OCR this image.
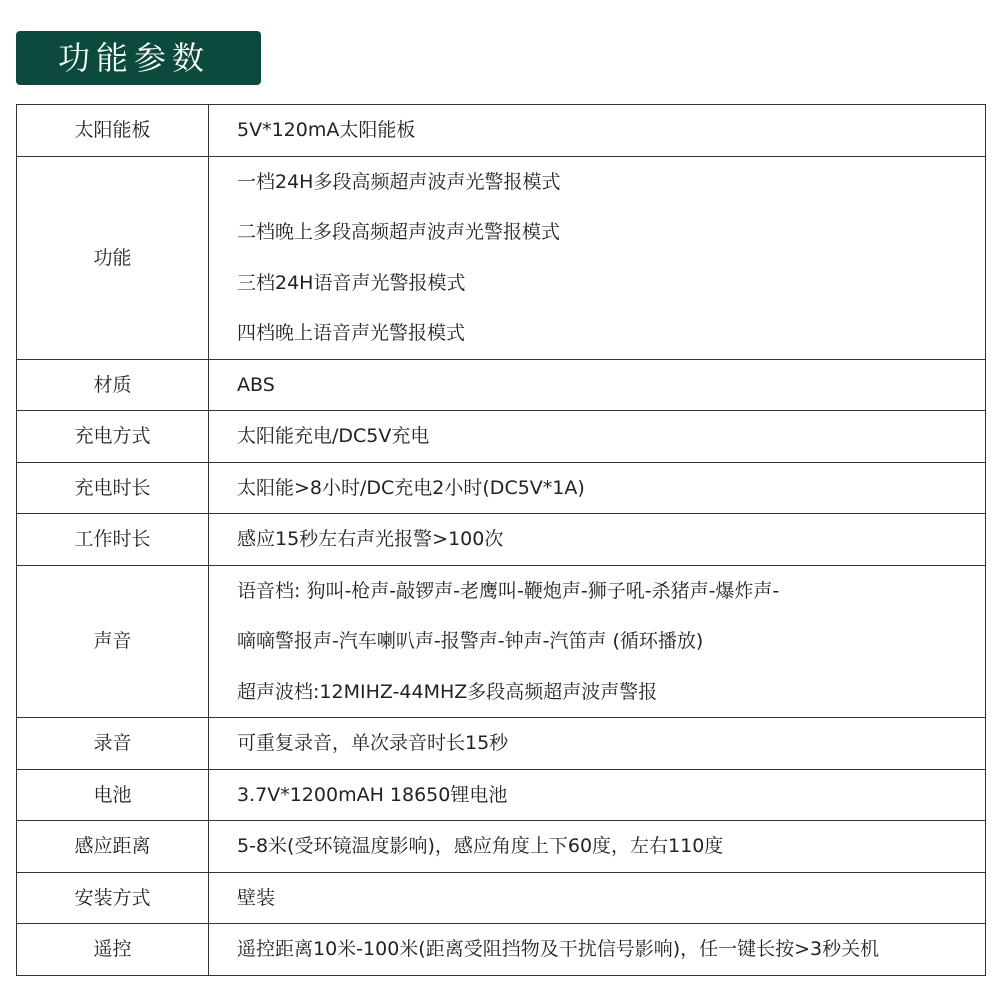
功能参数
太阳能板	5V*120mA太阳能板

功能	一档24H多段高频超声波声光警报模式
二档晚上多段高频超声波声光警报模式
三档24H语音声光警报模式
四档晚上语音声光警报模式

材质	ABS

充电方式	太阳能充电/DC5V充电

充电时长	太阳能>8小时/DC充电2小时(DC5V*1A)

工作时长	感应15秒左右声光报警>100次

声音	语音档: 狗叫-枪声-敲锣声-老鹰叫-鞭炮声-狮子吼-杀猪声-爆炸声-
嘀嘀警报声-汽车喇叭声-报警声-钟声-汽笛声 (循环播放)
超声波档:12MIHZ-44MHZ多段高频超声波声警报

录音	可重复录音，单次录音时长15秒

电池	3.7V*1200mAH 18650锂电池

感应距离	5-8米(受环镜温度影响)，感应角度上下60度，左右110度

安装方式	壁装

遥控	遥控距离10米-100米(距离受阻挡物及干扰信号影响)，任一键长按>3秒关机
